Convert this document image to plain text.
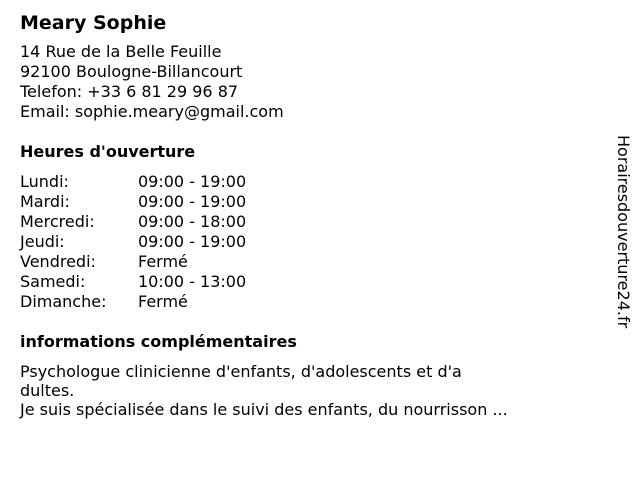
Meary Sophie
14 Rue de la Belle Feuille
92100 Boulogne-Billancourt
Telefon: +33 6 81 29 96 87
Email: sophie.meary@gmail.com
Heures d'ouverture
Lundi:	09:00 - 19:00
Mardi:	09:00 - 19:00
Mercredi:	09:00 - 18:00
Jeudi:	09:00 - 19:00
Vendredi:	Fermé
Samedi:	10:00 - 13:00
Dimanche:	Fermé
informations complémentaires
Psychologue clinicienne d'enfants, d'adolescents et d'a dultes.
Je suis spécialisée dans le suivi des enfants, du nourrisson ...
Horairesdouverture24.fr
